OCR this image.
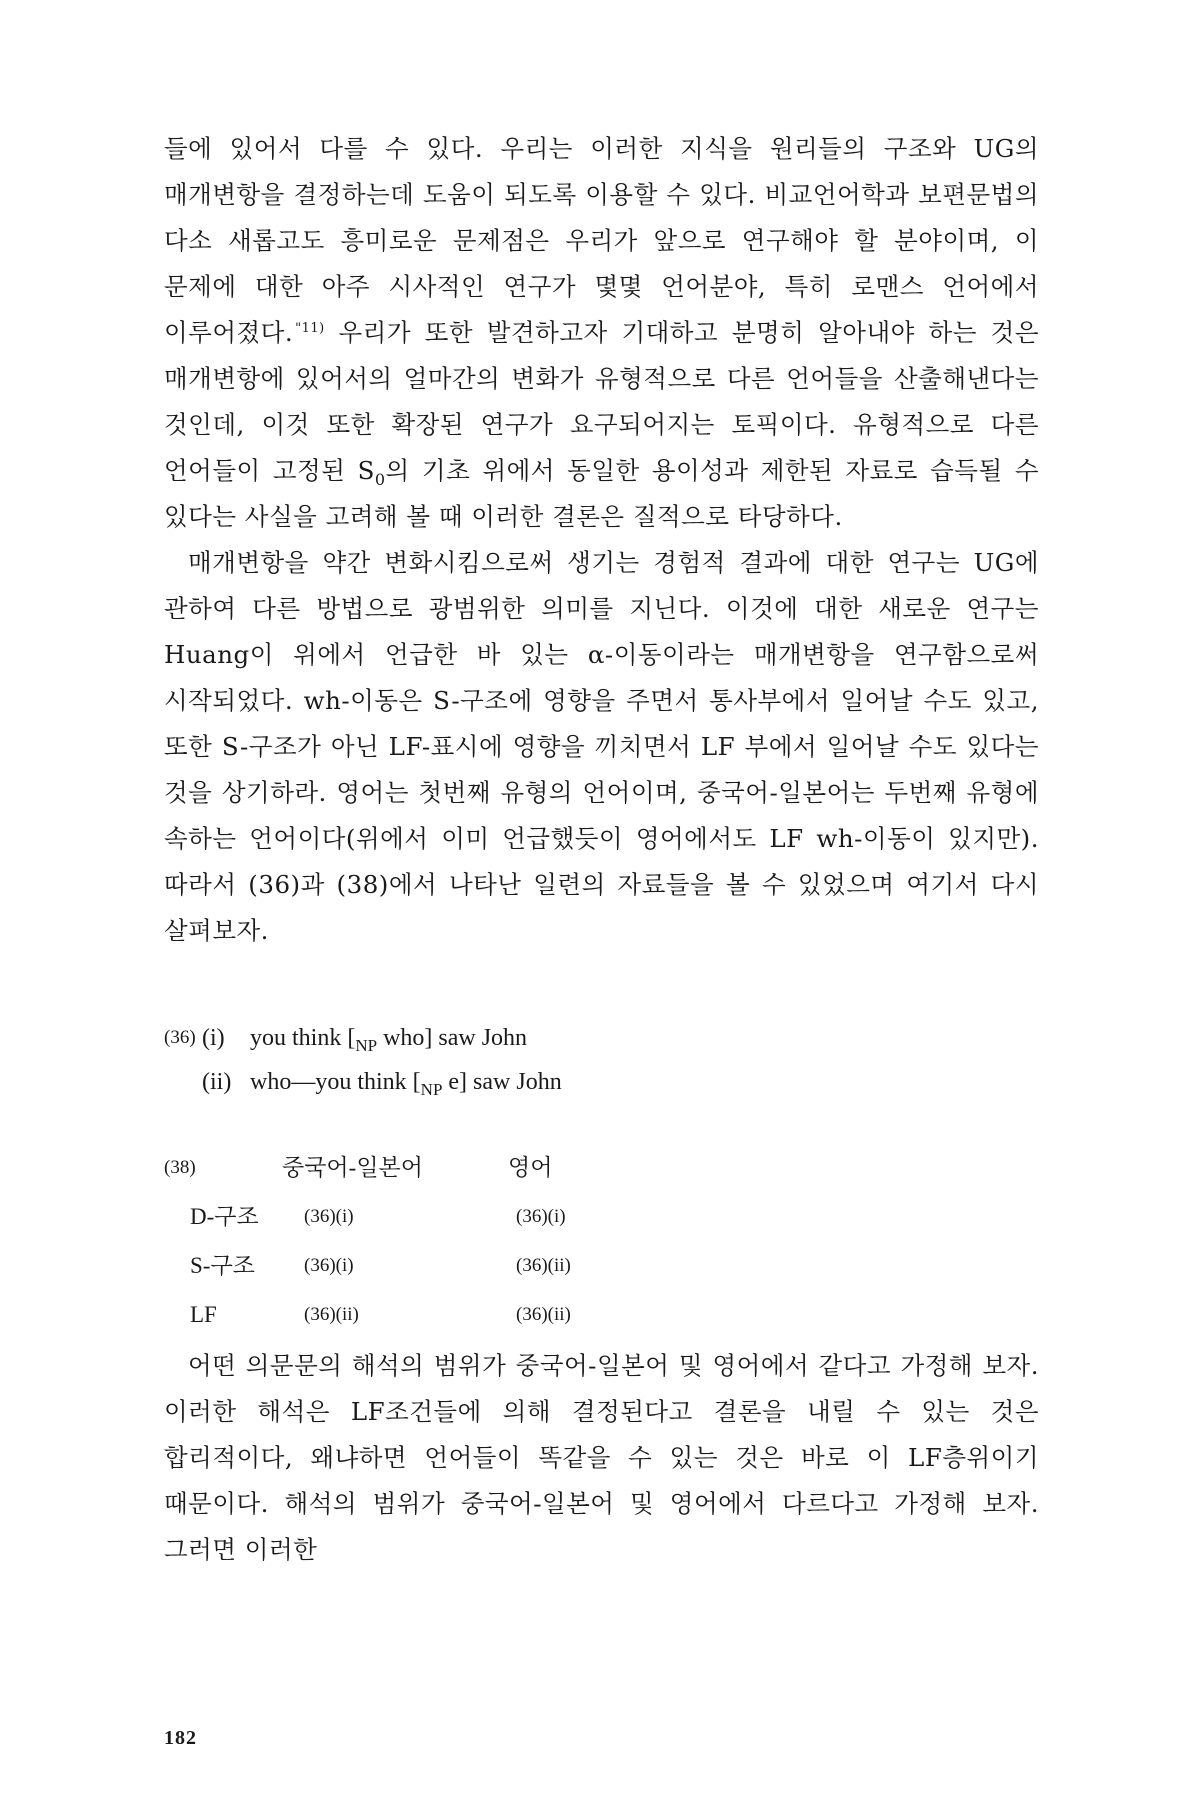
들에 있어서 다를 수 있다. 우리는 이러한 지식을 원리들의 구조와 UG의 매개변항을 결정하는데 도움이 되도록 이용할 수 있다. 비교언어학과 보편문법의 다소 새롭고도 흥미로운 문제점은 우리가 앞으로 연구해야 할 분야이며, 이 문제에 대한 아주 시사적인 연구가 몇몇 언어분야, 특히 로맨스 언어에서 이루어졌다. $^{"11)}$ 우리가 또한 발견하고자 기대하고 분명히 알아내야 하는 것은 매개변항에 있어서의 얼마간의 변화가 유형적으로 다른 언어들을 산출해낸다는 것인데, 이것 또한 확장된 연구가 요구되어지는 토픽이다. 유형적으로 다른 언어들이 고정된 $S_0$의 기초 위에서 동일한 용이성과 제한된 자료로 습득될 수 있다는 사실을 고려해 볼 때 이러한 결론은 질적으로 타당하다.

매개변항을 약간 변화시킴으로써 생기는 경험적 결과에 대한 연구는 UG에 관하여 다른 방법으로 광범위한 의미를 지닌다. 이것에 대한 새로운 연구는 Huang이 위에서 언급한 바 있는 α-이동이라는 매개변항을 연구함으로써 시작되었다. wh-이동은 S-구조에 영향을 주면서 통사부에서 일어날 수도 있고, 또한 S-구조가 아닌 LF-표시에 영향을 끼치면서 LF 부에서 일어날 수도 있다는 것을 상기하라. 영어는 첫번째 유형의 언어이며, 중국어-일본어는 두번째 유형에 속하는 언어이다(위에서 이미 언급했듯이 영어에서도 LF wh-이동이 있지만). 따라서 (36)과 (38)에서 나타난 일련의 자료들을 볼 수 있었으며 여기서 다시 살펴보자.

(36) (i)	you think [$_{NP}$ who] saw John
(ii) who—you think [$_{NP}$ e] saw John
(38)	중국어-일본어	영어
D-구조 (36)(i)	(36)(i)
S-구조	(36)(i)	(36)(ii)
LF	(36)(ii)	(36)(ii)

어떤 의문문의 해석의 범위가 중국어-일본어 및 영어에서 같다고 가정해 보자. 이러한 해석은 LF조건들에 의해 결정된다고 결론을 내릴 수 있는 것은 합리적이다, 왜냐하면 언어들이 똑같을 수 있는 것은 바로 이 LF층위이기 때문이다. 해석의 범위가 중국어-일본어 및 영어에서 다르다고 가정해 보자. 그러면 이러한

182
